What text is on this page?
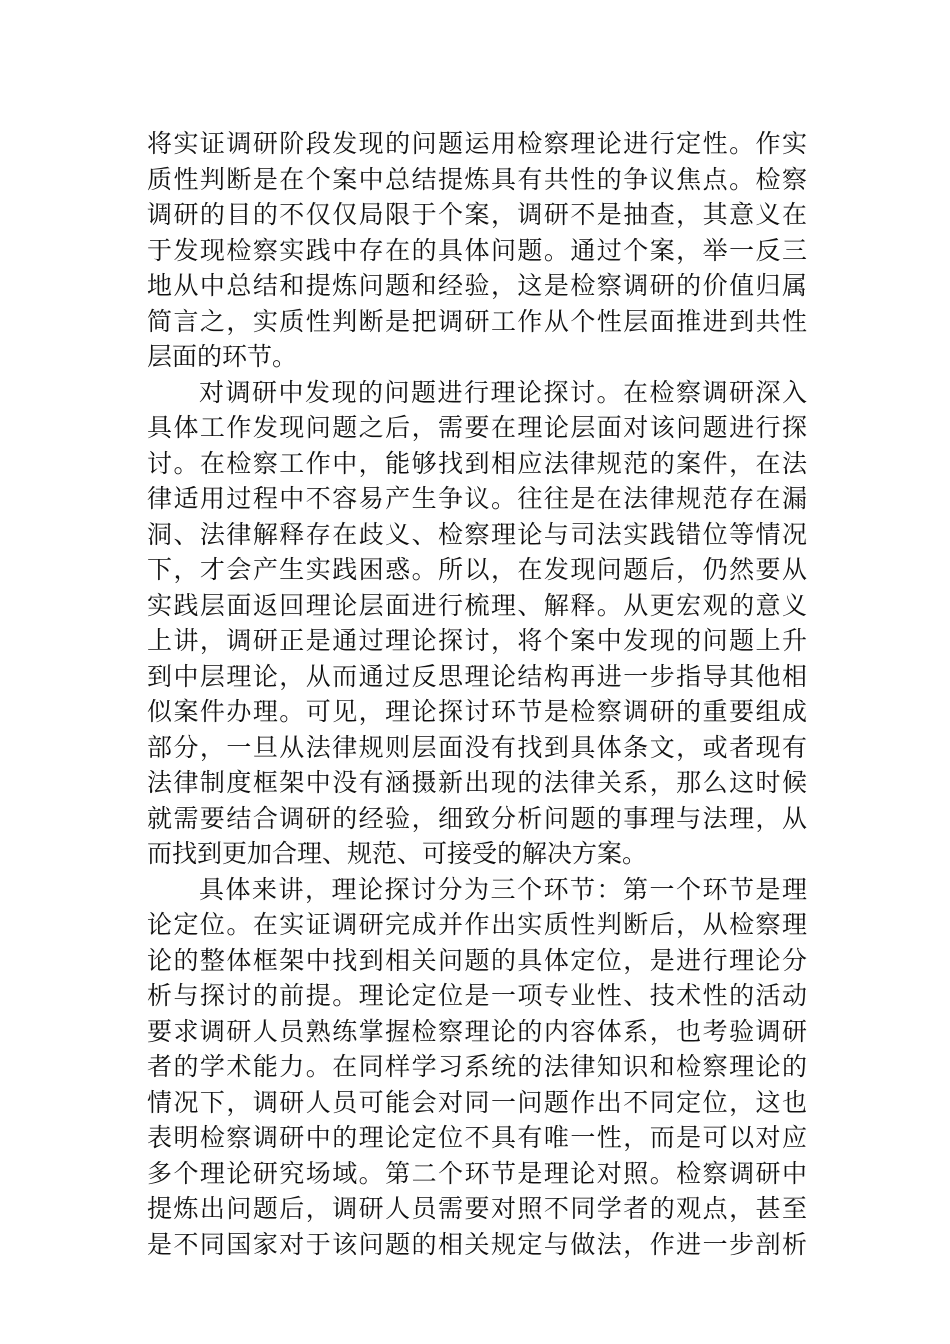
将实证调研阶段发现的问题运用检察理论进行定性。作实
质性判断是在个案中总结提炼具有共性的争议焦点。检察
调研的目的不仅仅局限于个案，调研不是抽查，其意义在
于发现检察实践中存在的具体问题。通过个案，举一反三
地从中总结和提炼问题和经验，这是检察调研的价值归属
简言之，实质性判断是把调研工作从个性层面推进到共性
层面的环节。
对调研中发现的问题进行理论探讨。在检察调研深入
具体工作发现问题之后，需要在理论层面对该问题进行探
讨。在检察工作中，能够找到相应法律规范的案件，在法
律适用过程中不容易产生争议。往往是在法律规范存在漏
洞、法律解释存在歧义、检察理论与司法实践错位等情况
下，才会产生实践困惑。所以，在发现问题后，仍然要从
实践层面返回理论层面进行梳理、解释。从更宏观的意义
上讲，调研正是通过理论探讨，将个案中发现的问题上升
到中层理论，从而通过反思理论结构再进一步指导其他相
似案件办理。可见，理论探讨环节是检察调研的重要组成
部分，一旦从法律规则层面没有找到具体条文，或者现有
法律制度框架中没有涵摄新出现的法律关系，那么这时候
就需要结合调研的经验，细致分析问题的事理与法理，从
而找到更加合理、规范、可接受的解决方案。
具体来讲，理论探讨分为三个环节：第一个环节是理
论定位。在实证调研完成并作出实质性判断后，从检察理
论的整体框架中找到相关问题的具体定位，是进行理论分
析与探讨的前提。理论定位是一项专业性、技术性的活动
要求调研人员熟练掌握检察理论的内容体系，也考验调研
者的学术能力。在同样学习系统的法律知识和检察理论的
情况下，调研人员可能会对同一问题作出不同定位，这也
表明检察调研中的理论定位不具有唯一性，而是可以对应
多个理论研究场域。第二个环节是理论对照。检察调研中
提炼出问题后，调研人员需要对照不同学者的观点，甚至
是不同国家对于该问题的相关规定与做法，作进一步剖析
